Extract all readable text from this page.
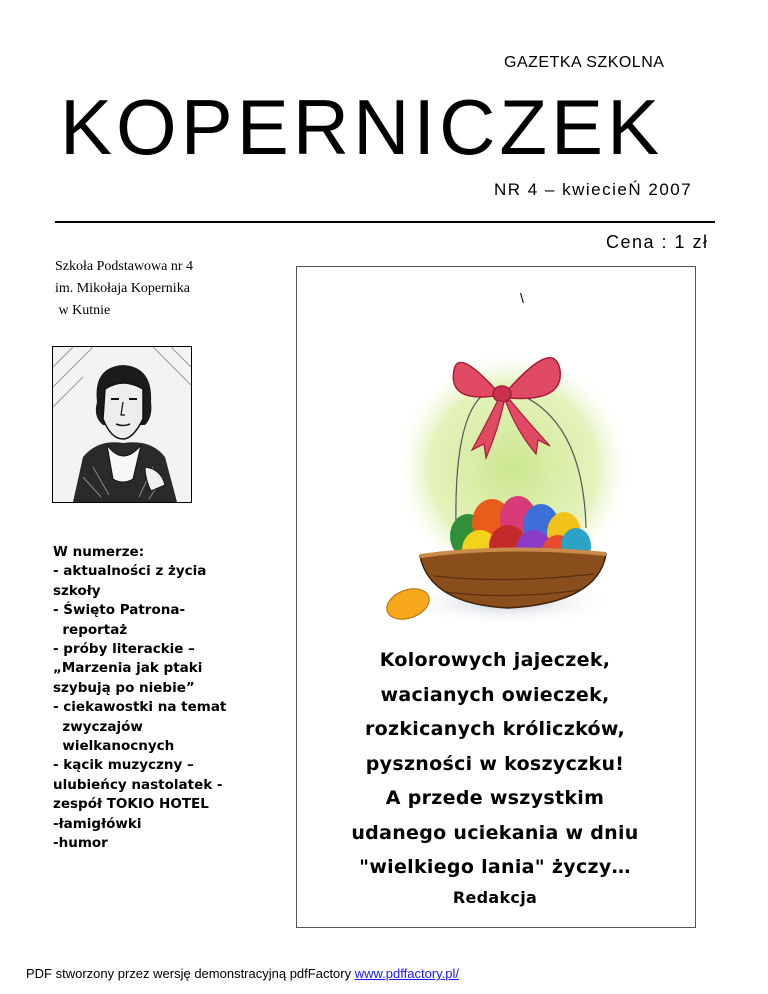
GAZETKA SZKOLNA
KOPERNICZEK
NR 4 – kwiecieŃ 2007
Cena : 1 zł
Szkoła Podstawowa nr 4
im. Mikołaja Kopernika
w Kutnie
W numerze:
- aktualności z życia
szkoły
- Święto Patrona-
reportaż
- próby literackie –
„Marzenia jak ptaki
szybują po niebie”
- ciekawostki na temat
zwyczajów
wielkanocnych
- kącik muzyczny –
ulubieńcy nastolatek -
zespół TOKIO HOTEL
-łamigłówki
-humor
\
Kolorowych jajeczek,
wacianych owieczek,
rozkicanych króliczków,
pyszności w koszyczku!
A przede wszystkim
udanego uciekania w dniu
"wielkiego lania" życzy…
Redakcja
PDF stworzony przez wersję demonstracyjną pdfFactory www.pdffactory.pl/
